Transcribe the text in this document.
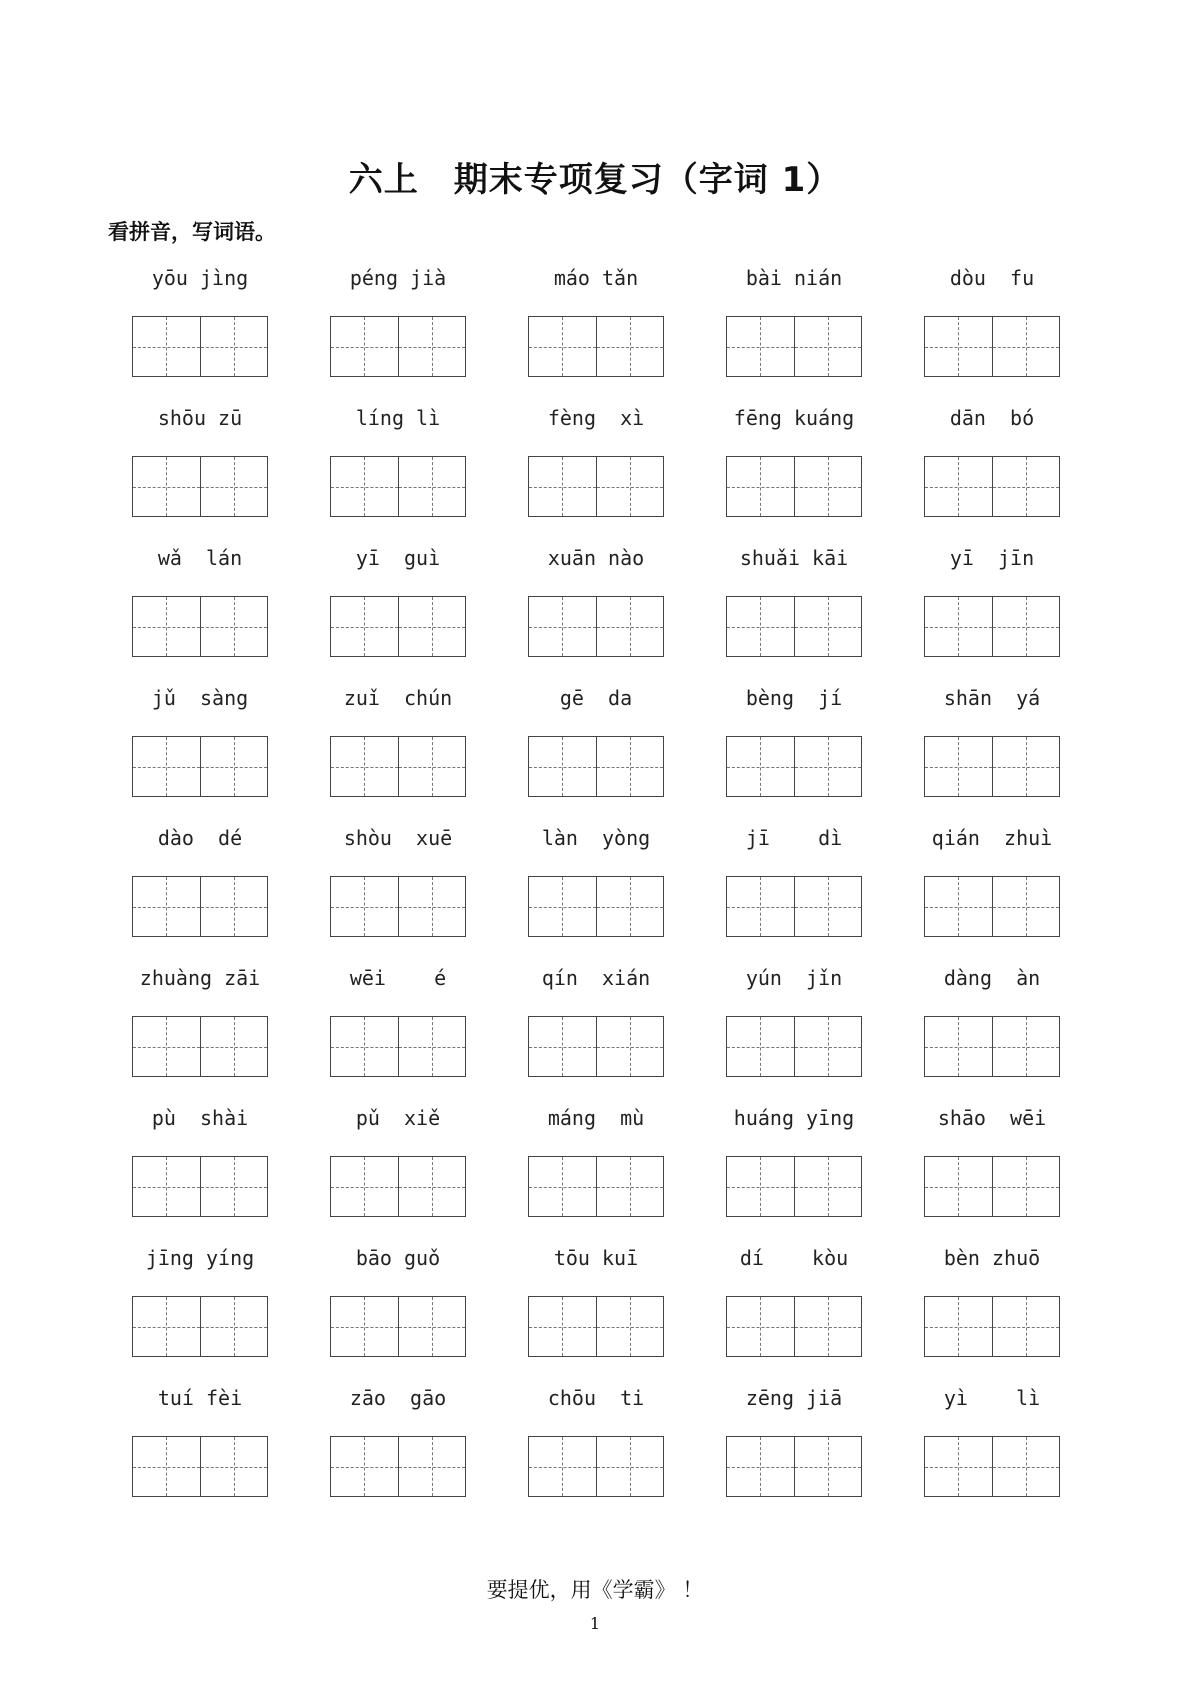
六上　期末专项复习（字词 1）
看拼音，写词语。
yōu jìng	péng jià	máo tǎn	bài nián	dòu  fu
shōu zū	líng lì	fèng  xì	fēng kuáng	dān  bó
wǎ  lán	yī  guì	xuān nào	shuǎi kāi	yī  jīn
jǔ  sàng	zuǐ  chún	gē  da	bèng  jí	shān  yá
dào  dé	shòu  xuē	làn  yòng	jī    dì	qián  zhuì
zhuàng zāi	wēi    é	qín  xián	yún  jǐn	dàng  àn
pù  shài	pǔ  xiě	máng  mù	huáng yīng	shāo  wēi
jīng yíng	bāo guǒ	tōu kuī	dí    kòu	bèn zhuō
tuí fèi	zāo  gāo	chōu  ti	zēng jiā	yì    lì
要提优，用《学霸》 ！
1
